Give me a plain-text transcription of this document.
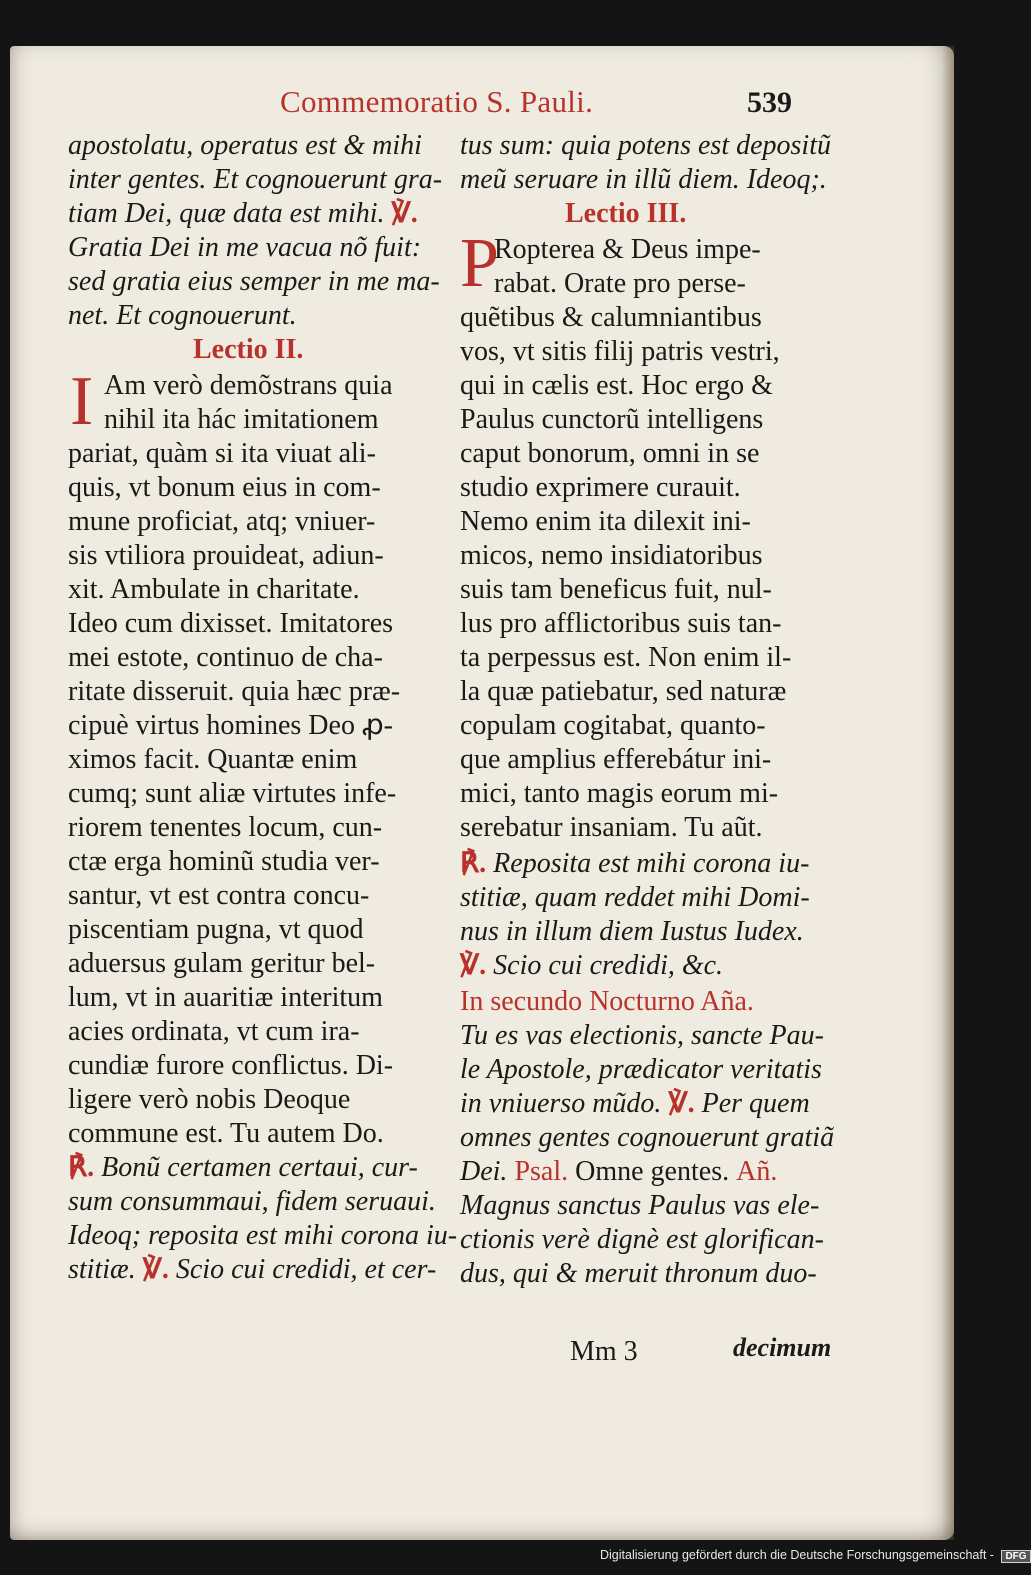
Commemoratio S. Pauli.	539
apostolatu, operatus est & mihi
inter gentes. Et cognouerunt gra-
tiam Dei, quæ data est mihi. ℣.
Gratia Dei in me vacua nõ fuit:
sed gratia eius semper in me ma-
net. Et cognouerunt.
Lectio II.
I Am verò demõstrans quia
nihil ita hác imitationem
pariat, quàm si ita viuat ali-
quis, vt bonum eius in com-
mune proficiat, atq; vniuer-
sis vtiliora prouideat, adiun-
xit. Ambulate in charitate.
Ideo cum dixisset. Imitatores
mei estote, continuo de cha-
ritate disseruit. quia hæc præ-
cipuè virtus homines Deo ꝓ-
ximos facit. Quantæ enim
cumq; sunt aliæ virtutes infe-
riorem tenentes locum, cun-
ctæ erga hominũ studia ver-
santur, vt est contra concu-
piscentiam pugna, vt quod
aduersus gulam geritur bel-
lum, vt in auaritiæ interitum
acies ordinata, vt cum ira-
cundiæ furore conflictus. Di-
ligere verò nobis Deoque
commune est. Tu autem Do.
℟. Bonũ certamen certaui, cur-
sum consummaui, fidem seruaui.
Ideoq; reposita est mihi corona iu-
stitiæ. ℣. Scio cui credidi, et cer-
tus sum: quia potens est depositũ
meũ seruare in illũ diem. Ideoq;.
Lectio III.
P
Ropterea & Deus impe-
rabat. Orate pro perse-
quẽtibus & calumniantibus
vos, vt sitis filij patris vestri,
qui in cælis est. Hoc ergo &
Paulus cunctorũ intelligens
caput bonorum, omni in se
studio exprimere curauit.
Nemo enim ita dilexit ini-
micos, nemo insidiatoribus
suis tam beneficus fuit, nul-
lus pro afflictoribus suis tan-
ta perpessus est. Non enim il-
la quæ patiebatur, sed naturæ
copulam cogitabat, quanto-
que amplius efferebátur ini-
mici, tanto magis eorum mi-
serebatur insaniam. Tu aũt.
℟. Reposita est mihi corona iu-
stitiæ, quam reddet mihi Domi-
nus in illum diem Iustus Iudex.
℣. Scio cui credidi, &c.
In secundo Nocturno Aña.
Tu es vas electionis, sancte Pau-
le Apostole, prædicator veritatis
in vniuerso mũdo. ℣. Per quem
omnes gentes cognouerunt gratiã
Dei. Psal. Omne gentes. Añ.
Magnus sanctus Paulus vas ele-
ctionis verè dignè est glorifican-
dus, qui & meruit thronum duo-
Mm 3	decimum
Digitalisierung gefördert durch die Deutsche Forschungsgemeinschaft - DFG
